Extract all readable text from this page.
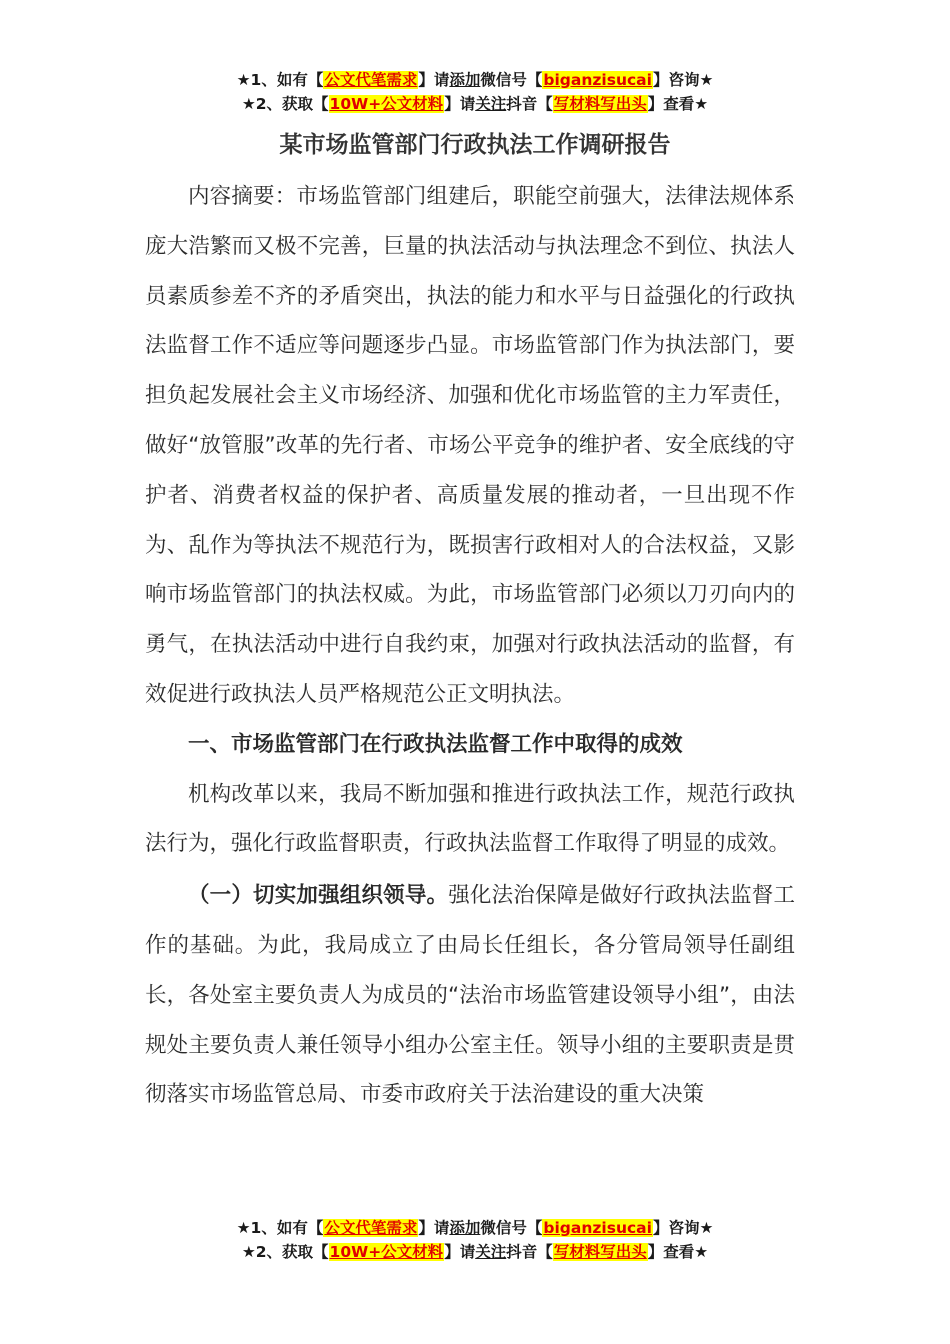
★1、如有【公文代笔需求】请添加微信号【biganzisucai】咨询★
★2、获取【10W+公文材料】请关注抖音【写材料写出头】查看★
某市场监管部门行政执法工作调研报告

内容摘要：市场监管部门组建后，职能空前强大，法律法规体系庞大浩繁而又极不完善，巨量的执法活动与执法理念不到位、执法人员素质参差不齐的矛盾突出，执法的能力和水平与日益强化的行政执法监督工作不适应等问题逐步凸显。市场监管部门作为执法部门，要担负起发展社会主义市场经济、加强和优化市场监管的主力军责任，做好“放管服”改革的先行者、市场公平竞争的维护者、安全底线的守护者、消费者权益的保护者、高质量发展的推动者，一旦出现不作为、乱作为等执法不规范行为，既损害行政相对人的合法权益，又影响市场监管部门的执法权威。为此，市场监管部门必须以刀刃向内的勇气，在执法活动中进行自我约束，加强对行政执法活动的监督，有效促进行政执法人员严格规范公正文明执法。

一、市场监管部门在行政执法监督工作中取得的成效

机构改革以来，我局不断加强和推进行政执法工作，规范行政执法行为，强化行政监督职责，行政执法监督工作取得了明显的成效。

（一）切实加强组织领导。强化法治保障是做好行政执法监督工作的基础。为此，我局成立了由局长任组长，各分管局领导任副组长，各处室主要负责人为成员的“法治市场监管建设领导小组”，由法规处主要负责人兼任领导小组办公室主任。领导小组的主要职责是贯彻落实市场监管总局、市委市政府关于法治建设的重大决策

★1、如有【公文代笔需求】请添加微信号【biganzisucai】咨询★
★2、获取【10W+公文材料】请关注抖音【写材料写出头】查看★
